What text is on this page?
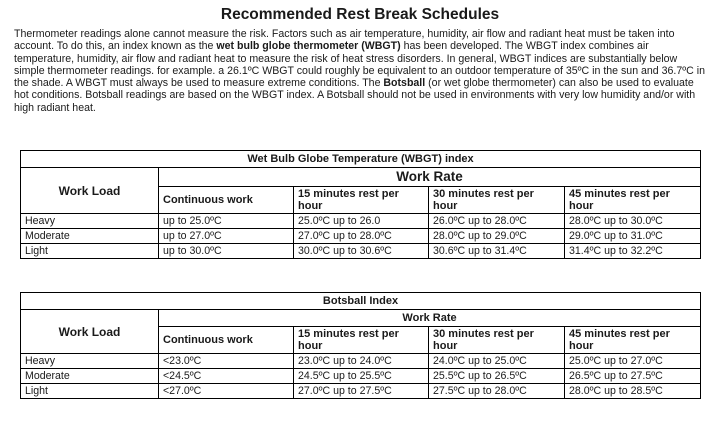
Recommended Rest Break Schedules
Thermometer readings alone cannot measure the risk. Factors such as air temperature, humidity, air flow and radiant heat must be taken into account. To do this, an index known as the wet bulb globe thermometer (WBGT) has been developed. The WBGT index combines air temperature, humidity, air flow and radiant heat to measure the risk of heat stress disorders. In general, WBGT indices are substantially below simple thermometer readings. for example. a 26.1ºC WBGT could roughly be equivalent to an outdoor temperature of 35ºC in the sun and 36.7ºC in the shade. A WBGT must always be used to measure extreme conditions. The Botsball (or wet globe thermometer) can also be used to evaluate hot conditions. Botsball readings are based on the WBGT index. A Botsball should not be used in environments with very low humidity and/or with high radiant heat.
Wet Bulb Globe Temperature (WBGT) index				
Work Load	Work Rate			
	Continuous work	15 minutes rest per hour	30 minutes rest per hour	45 minutes rest per hour
Heavy	up to 25.0ºC	25.0ºC up to 26.0	26.0ºC up to 28.0ºC	28.0ºC up to 30.0ºC
Moderate	up to 27.0ºC	27.0ºC up to 28.0ºC	28.0ºC up to 29.0ºC	29.0ºC up to 31.0ºC
Light	up to 30.0ºC	30.0ºC up to 30.6ºC	30.6ºC up to 31.4ºC	31.4ºC up to 32.2ºC
Botsball Index				
Work Load	Work Rate			
	Continuous work	15 minutes rest per hour	30 minutes rest per hour	45 minutes rest per hour
Heavy	<23.0ºC	23.0ºC up to 24.0ºC	24.0ºC up to 25.0ºC	25.0ºC up to 27.0ºC
Moderate	<24.5ºC	24.5ºC up to 25.5ºC	25.5ºC up to 26.5ºC	26.5ºC up to 27.5ºC
Light	<27.0ºC	27.0ºC up to 27.5ºC	27.5ºC up to 28.0ºC	28.0ºC up to 28.5ºC
